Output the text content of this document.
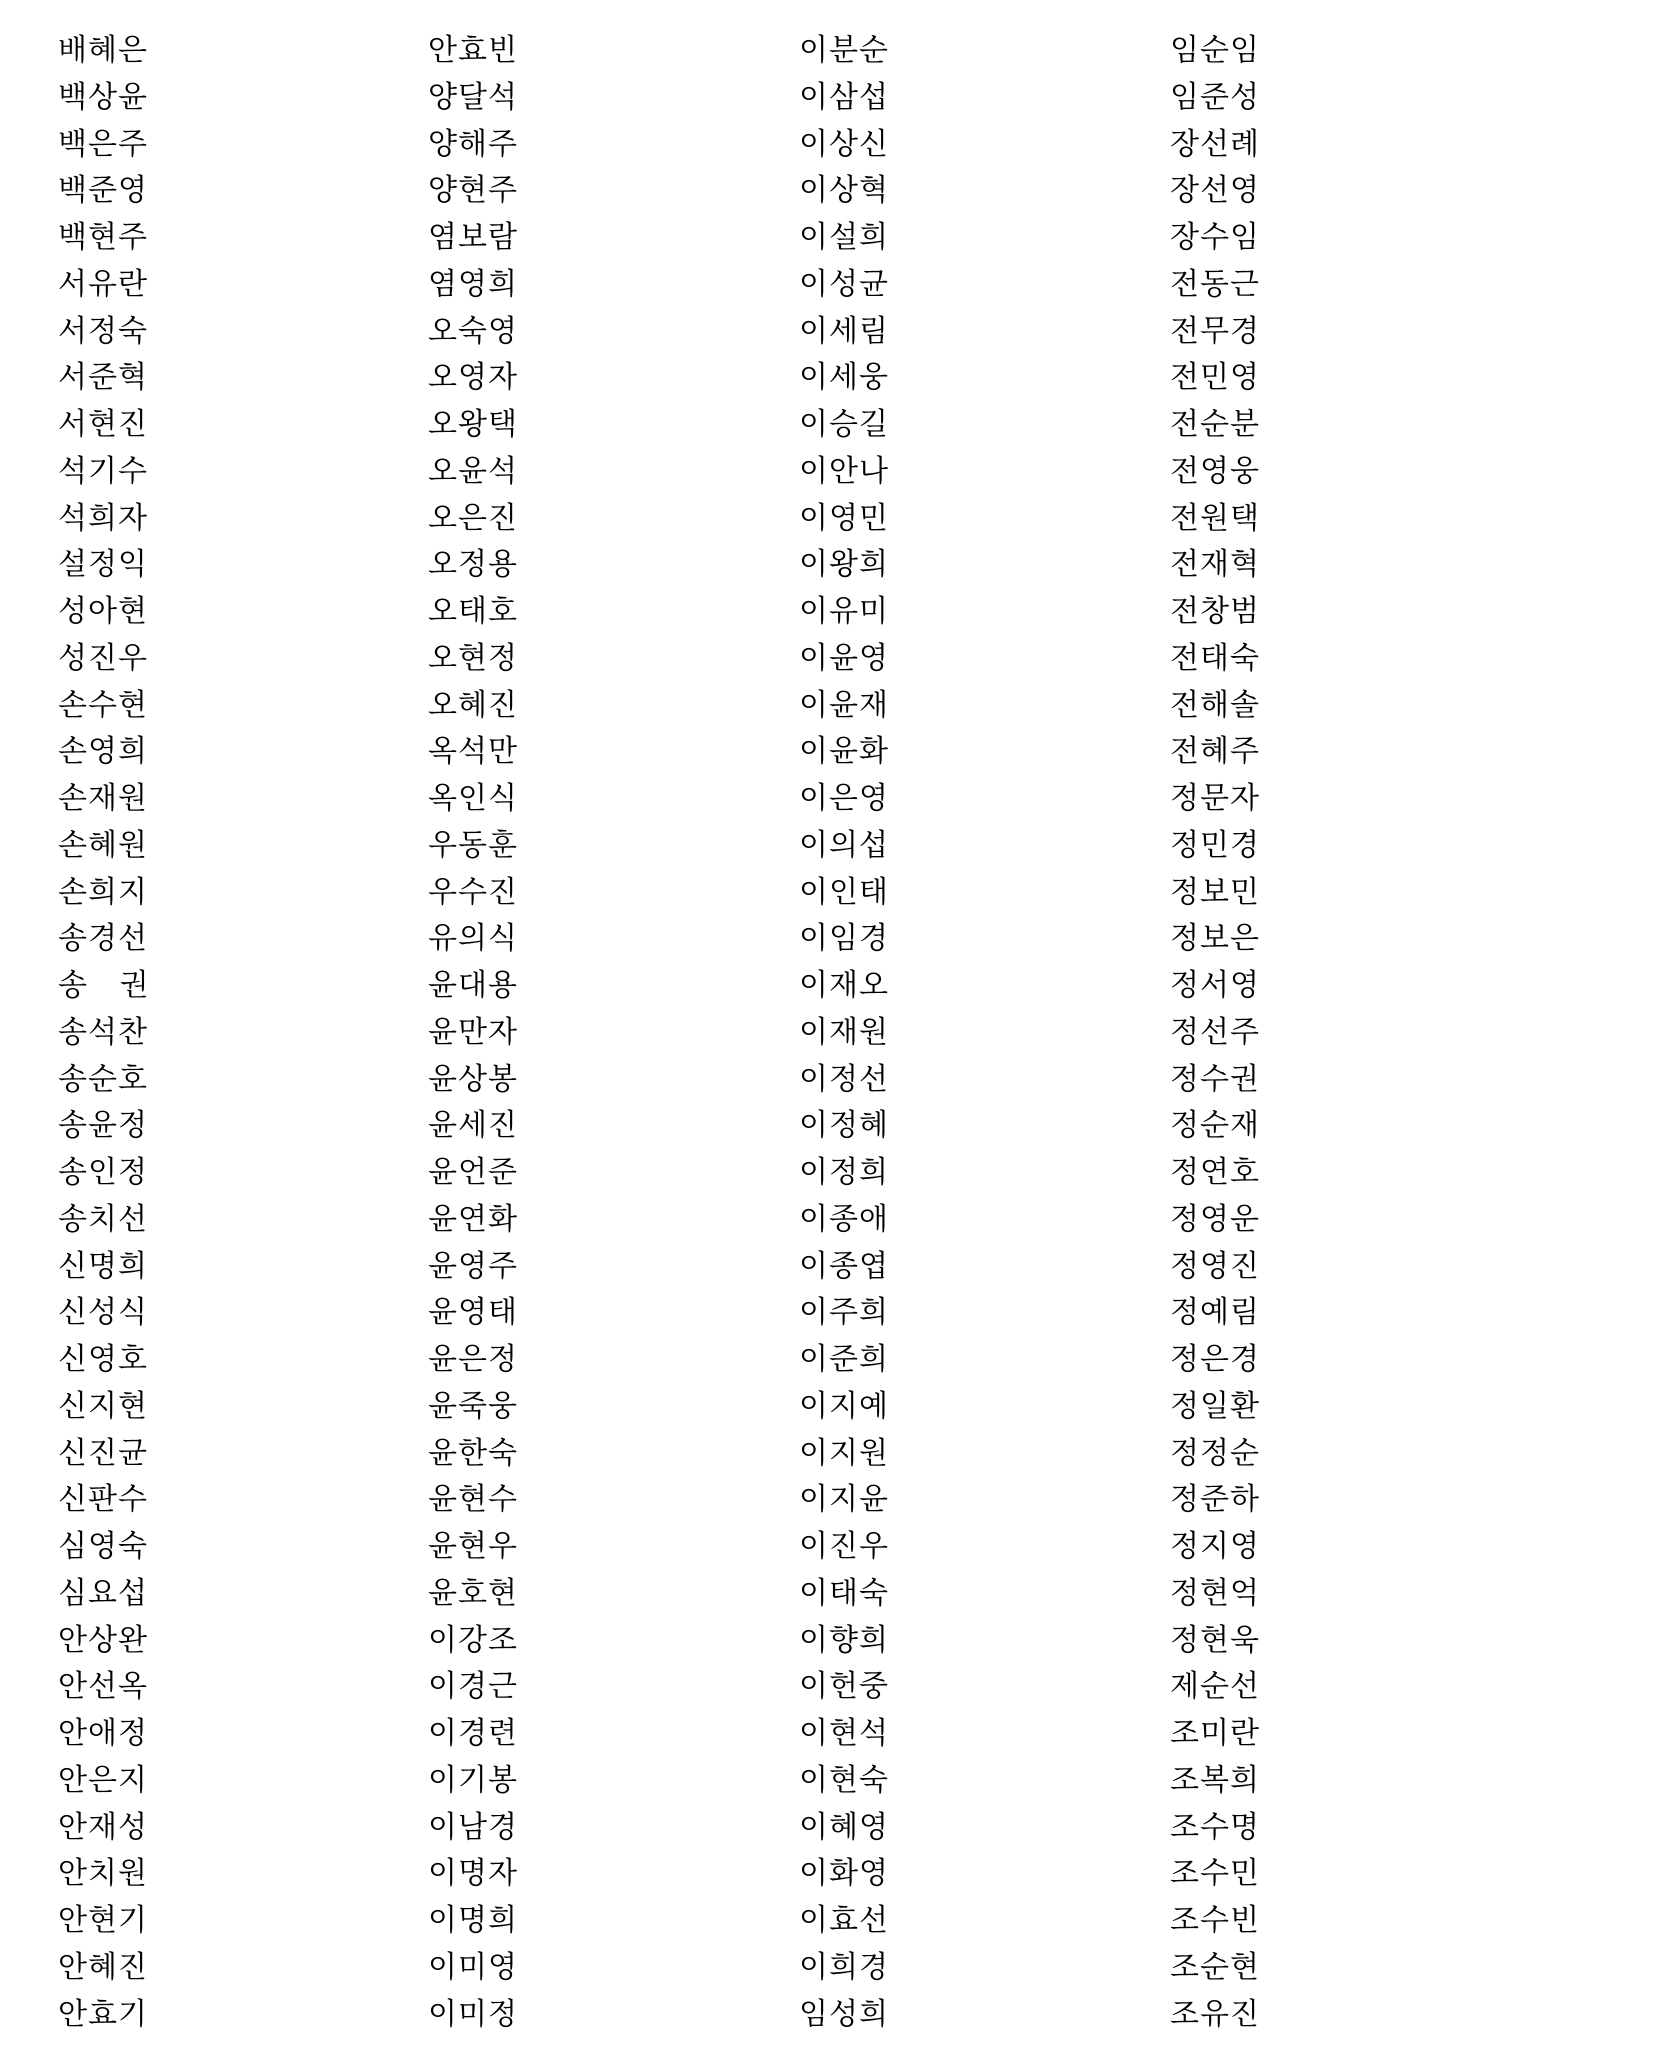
배혜은
백상윤
백은주
백준영
백현주
서유란
서정숙
서준혁
서현진
석기수
석희자
설정익
성아현
성진우
손수현
손영희
손재원
손혜원
손희지
송경선
송   권
송석찬
송순호
송윤정
송인정
송치선
신명희
신성식
신영호
신지현
신진균
신판수
심영숙
심요섭
안상완
안선옥
안애정
안은지
안재성
안치원
안현기
안혜진
안효기
안효빈
양달석
양해주
양현주
염보람
염영희
오숙영
오영자
오왕택
오윤석
오은진
오정용
오태호
오현정
오혜진
옥석만
옥인식
우동훈
우수진
유의식
윤대용
윤만자
윤상봉
윤세진
윤언준
윤연화
윤영주
윤영태
윤은정
윤죽웅
윤한숙
윤현수
윤현우
윤호현
이강조
이경근
이경련
이기봉
이남경
이명자
이명희
이미영
이미정
이분순
이삼섭
이상신
이상혁
이설희
이성균
이세림
이세웅
이승길
이안나
이영민
이왕희
이유미
이윤영
이윤재
이윤화
이은영
이의섭
이인태
이임경
이재오
이재원
이정선
이정혜
이정희
이종애
이종엽
이주희
이준희
이지예
이지원
이지윤
이진우
이태숙
이향희
이헌중
이현석
이현숙
이혜영
이화영
이효선
이희경
임성희
임순임
임준성
장선례
장선영
장수임
전동근
전무경
전민영
전순분
전영웅
전원택
전재혁
전창범
전태숙
전해솔
전혜주
정문자
정민경
정보민
정보은
정서영
정선주
정수권
정순재
정연호
정영운
정영진
정예림
정은경
정일환
정정순
정준하
정지영
정현억
정현욱
제순선
조미란
조복희
조수명
조수민
조수빈
조순현
조유진
